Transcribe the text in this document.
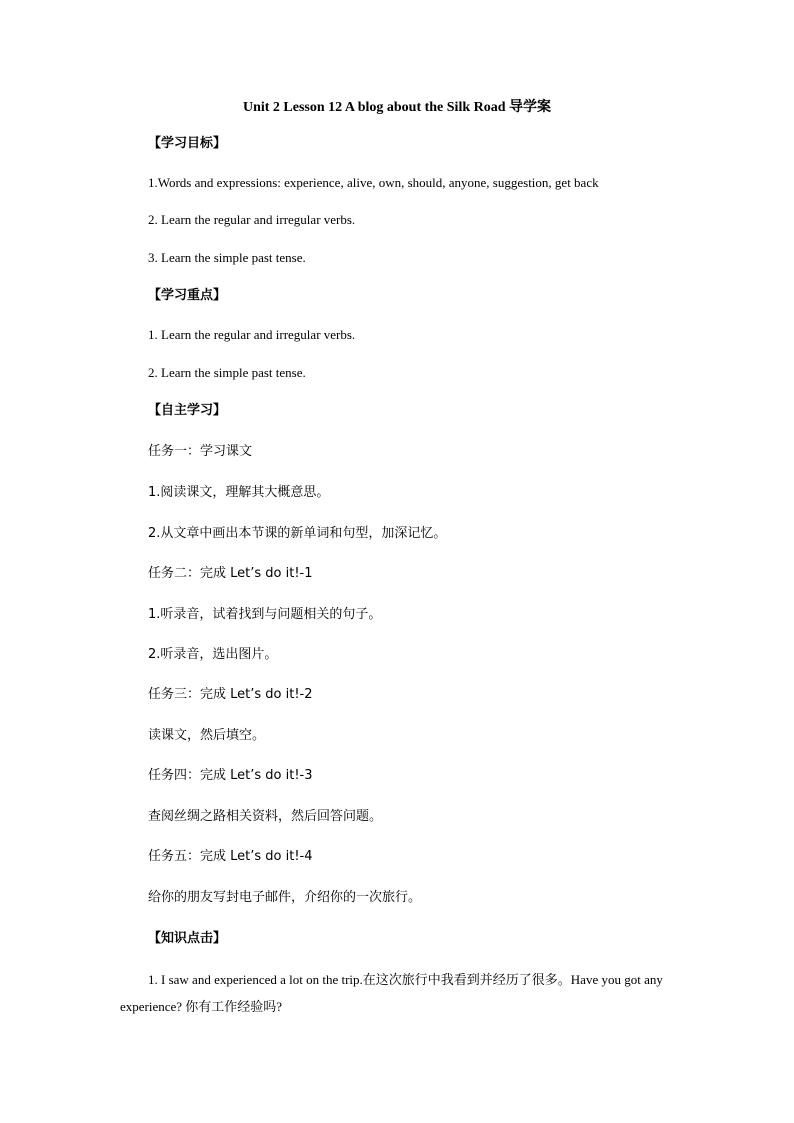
Unit 2 Lesson 12 A blog about the Silk Road 导学案
【学习目标】
1.Words and expressions: experience, alive, own, should, anyone, suggestion, get back
2. Learn the regular and irregular verbs.
3. Learn the simple past tense.
【学习重点】
1. Learn the regular and irregular verbs.
2. Learn the simple past tense.
【自主学习】
任务一：学习课文
1.阅读课文，理解其大概意思。
2.从文章中画出本节课的新单词和句型，加深记忆。
任务二：完成 Let’s do it!-1
1.听录音，试着找到与问题相关的句子。
2.听录音，选出图片。
任务三：完成 Let’s do it!-2
读课文，然后填空。
任务四：完成 Let’s do it!-3
查阅丝绸之路相关资料，然后回答问题。
任务五：完成 Let’s do it!-4
给你的朋友写封电子邮件，介绍你的一次旅行。
【知识点击】
1. I saw and experienced a lot on the trip.在这次旅行中我看到并经历了很多。Have you got any experience? 你有工作经验吗?
